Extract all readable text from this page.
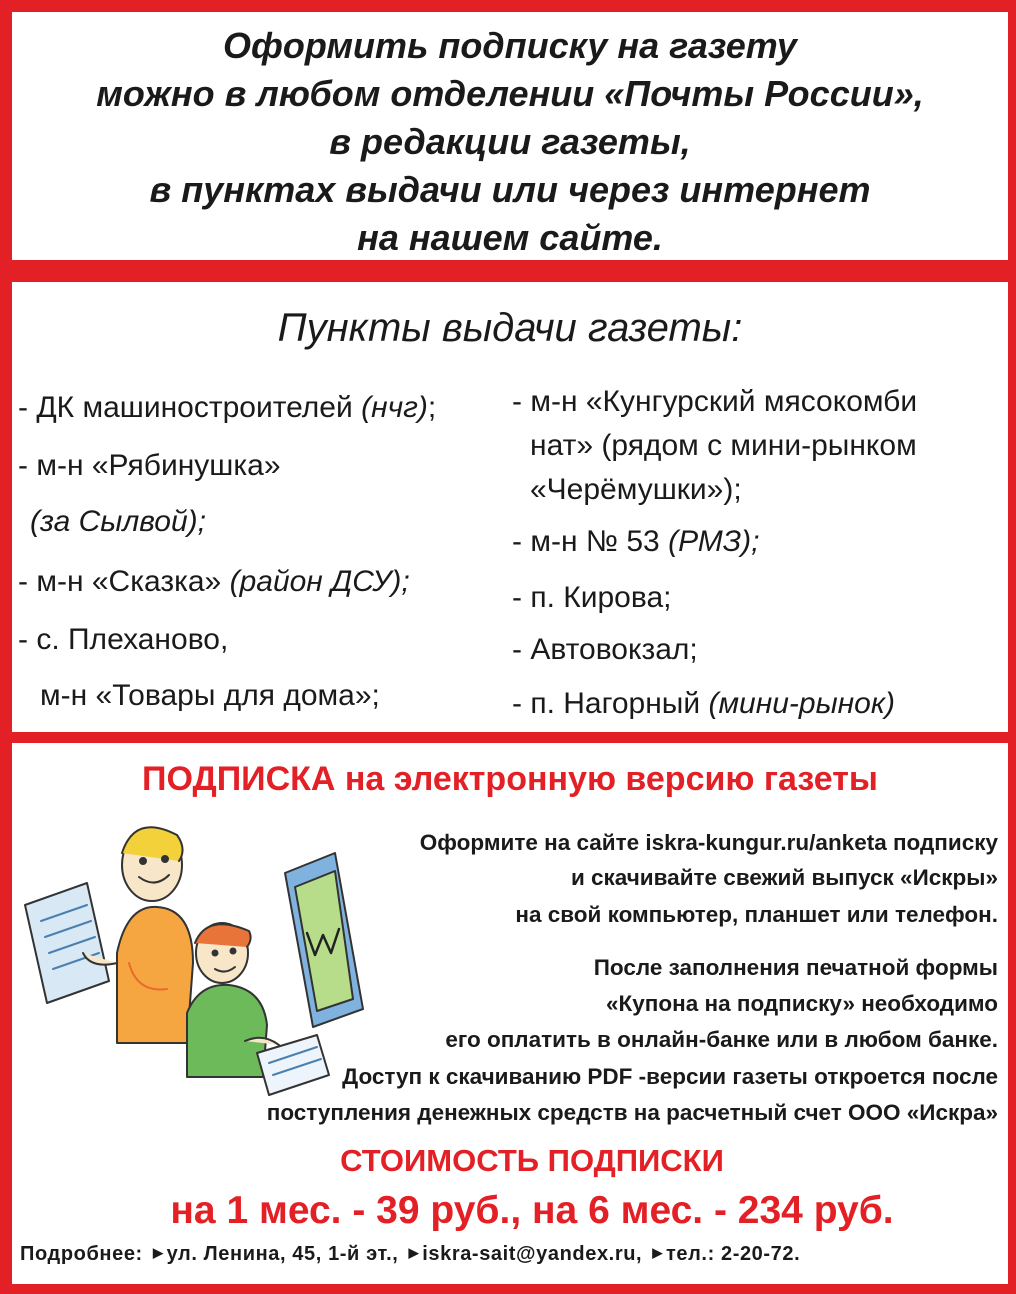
Оформить подписку на газету
можно в любом отделении «Почты России»,
в редакции газеты,
в пунктах выдачи или через интернет
на нашем сайте.
Пункты выдачи газеты:
- ДК машиностроителей (нчг);
- м-н «Рябинушка»
(за Сылвой);
- м-н «Сказка» (район ДСУ);
- с. Плеханово,
м-н «Товары для дома»;
- м-н «Кунгурский мясокомби
нат» (рядом с мини-рынком
«Черёмушки»);
- м-н № 53 (РМЗ);
- п. Кирова;
- Автовокзал;
- п. Нагорный (мини-рынок)
ПОДПИСКА на электронную версию газеты
Оформите на сайте iskra-kungur.ru/anketa подписку
и скачивайте свежий выпуск «Искры»
на свой компьютер, планшет или телефон.
После заполнения печатной формы
«Купона на подписку» необходимо
его оплатить в онлайн-банке или в любом банке.
Доступ к скачиванию PDF -версии газеты откроется после
поступления денежных средств на расчетный счет ООО «Искра»
СТОИМОСТЬ ПОДПИСКИ
на 1 мес. - 39 руб., на 6 мес. - 234 руб.
Подробнее: ▶ ул. Ленина, 45, 1-й эт., ▶ iskra-sait@yandex.ru, ▶ тел.: 2-20-72.
